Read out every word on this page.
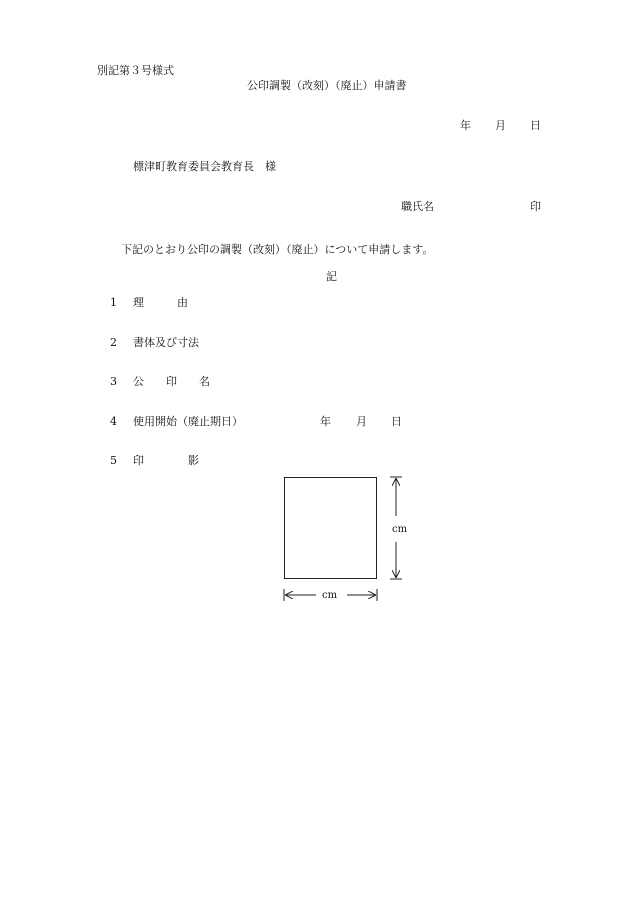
別記第３号様式
公印調製（改刻）（廃止）申請書
年 月 日
標津町教育委員会教育長　様
職氏名	印
下記のとおり公印の調製（改刻）（廃止）について申請します。
記
1 理　　　由
2 書体及び寸法
3 公　　印　　名
4 使用開始（廃止期日）	年 月 日
5 印　　　　影
cm
cm
